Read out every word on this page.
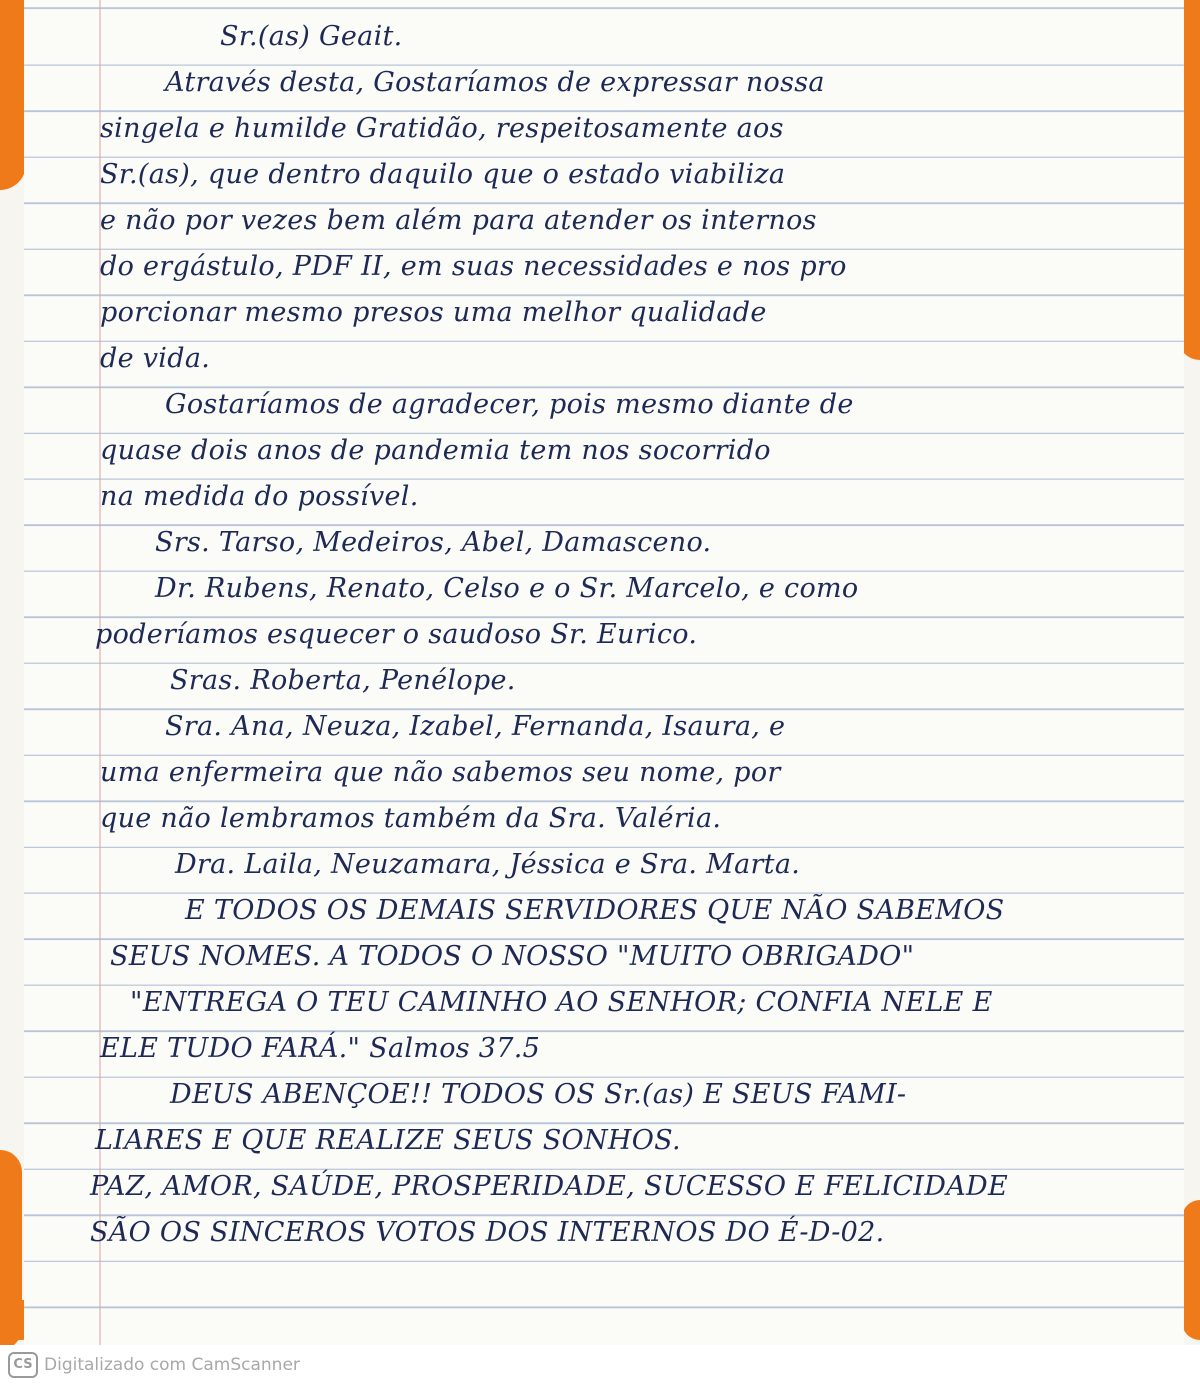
Sr.(as) Geait.
Através desta, Gostaríamos de expressar nossa
singela e humilde Gratidão, respeitosamente aos
Sr.(as), que dentro daquilo que o estado viabiliza
e não por vezes bem além para atender os internos
do ergástulo, PDF II, em suas necessidades e nos pro
porcionar mesmo presos uma melhor qualidade
de vida.
Gostaríamos de agradecer, pois mesmo diante de
quase dois anos de pandemia tem nos socorrido
na medida do possível.
Srs. Tarso, Medeiros, Abel, Damasceno.
Dr. Rubens, Renato, Celso e o Sr. Marcelo, e como
poderíamos esquecer o saudoso Sr. Eurico.
Sras. Roberta, Penélope.
Sra. Ana, Neuza, Izabel, Fernanda, Isaura, e
uma enfermeira que não sabemos seu nome, por
que não lembramos também da Sra. Valéria.
Dra. Laila, Neuzamara, Jéssica e Sra. Marta.
E TODOS OS DEMAIS SERVIDORES QUE NÃO SABEMOS
SEUS NOMES. A TODOS O NOSSO "MUITO OBRIGADO"
"ENTREGA O TEU CAMINHO AO SENHOR; CONFIA NELE E
ELE TUDO FARÁ." Salmos 37.5
DEUS ABENÇOE!! TODOS OS Sr.(as) E SEUS FAMI-
LIARES E QUE REALIZE SEUS SONHOS.
PAZ, AMOR, SAÚDE, PROSPERIDADE, SUCESSO E FELICIDADE
SÃO OS SINCEROS VOTOS DOS INTERNOS DO É-D-02.
CS Digitalizado com CamScanner
